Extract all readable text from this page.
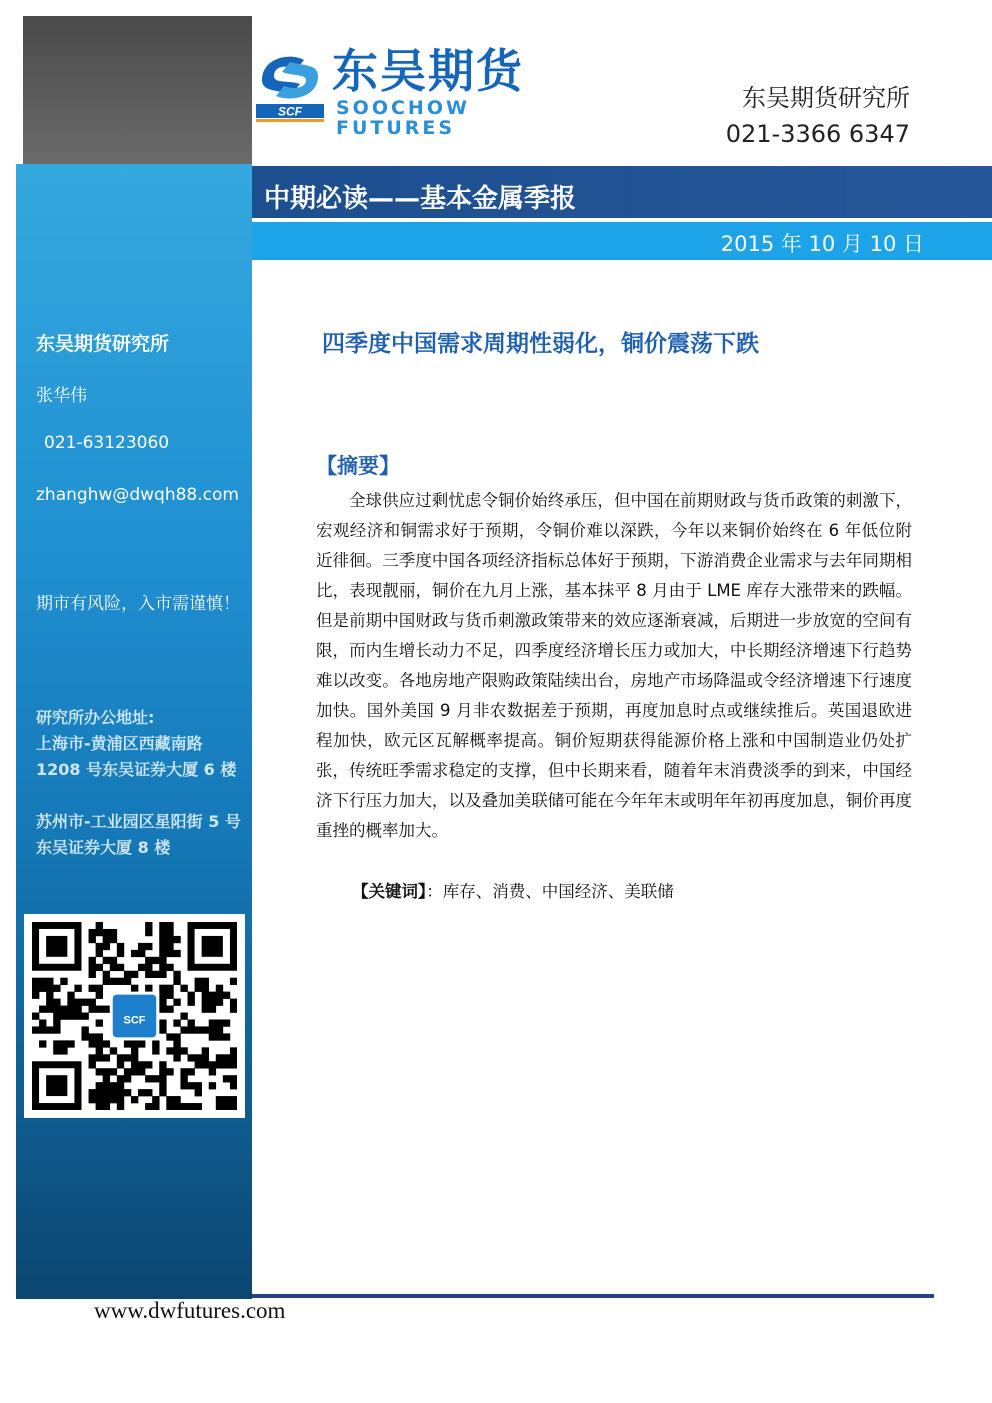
SCF
东吴期货
SOOCHOW FUTURES
东吴期货研究所
021-3366 6347
中期必读——基本金属季报
2015 年 10 月 10 日
东吴期货研究所
张华伟
021-63123060
zhanghw@dwqh88.com
期市有风险，入市需谨慎！
研究所办公地址:
上海市-黄浦区西藏南路 1208 号东吴证券大厦 6 楼
苏州市-工业园区星阳街 5 号东吴证券大厦 8 楼
SCF
四季度中国需求周期性弱化，铜价震荡下跌
【摘要】
全球供应过剩忧虑令铜价始终承压，但中国在前期财政与货币政策的刺激下，宏观经济和铜需求好于预期，令铜价难以深跌，今年以来铜价始终在 6 年低位附近徘徊。三季度中国各项经济指标总体好于预期，下游消费企业需求与去年同期相比，表现靓丽，铜价在九月上涨，基本抹平 8 月由于 LME 库存大涨带来的跌幅。但是前期中国财政与货币刺激政策带来的效应逐渐衰减，后期进一步放宽的空间有限，而内生增长动力不足，四季度经济增长压力或加大，中长期经济增速下行趋势难以改变。各地房地产限购政策陆续出台，房地产市场降温或令经济增速下行速度加快。国外美国 9 月非农数据差于预期，再度加息时点或继续推后。英国退欧进程加快，欧元区瓦解概率提高。铜价短期获得能源价格上涨和中国制造业仍处扩张，传统旺季需求稳定的支撑，但中长期来看，随着年末消费淡季的到来，中国经济下行压力加大，以及叠加美联储可能在今年年末或明年年初再度加息，铜价再度重挫的概率加大。
【关键词】：库存、消费、中国经济、美联储
www.dwfutures.com
